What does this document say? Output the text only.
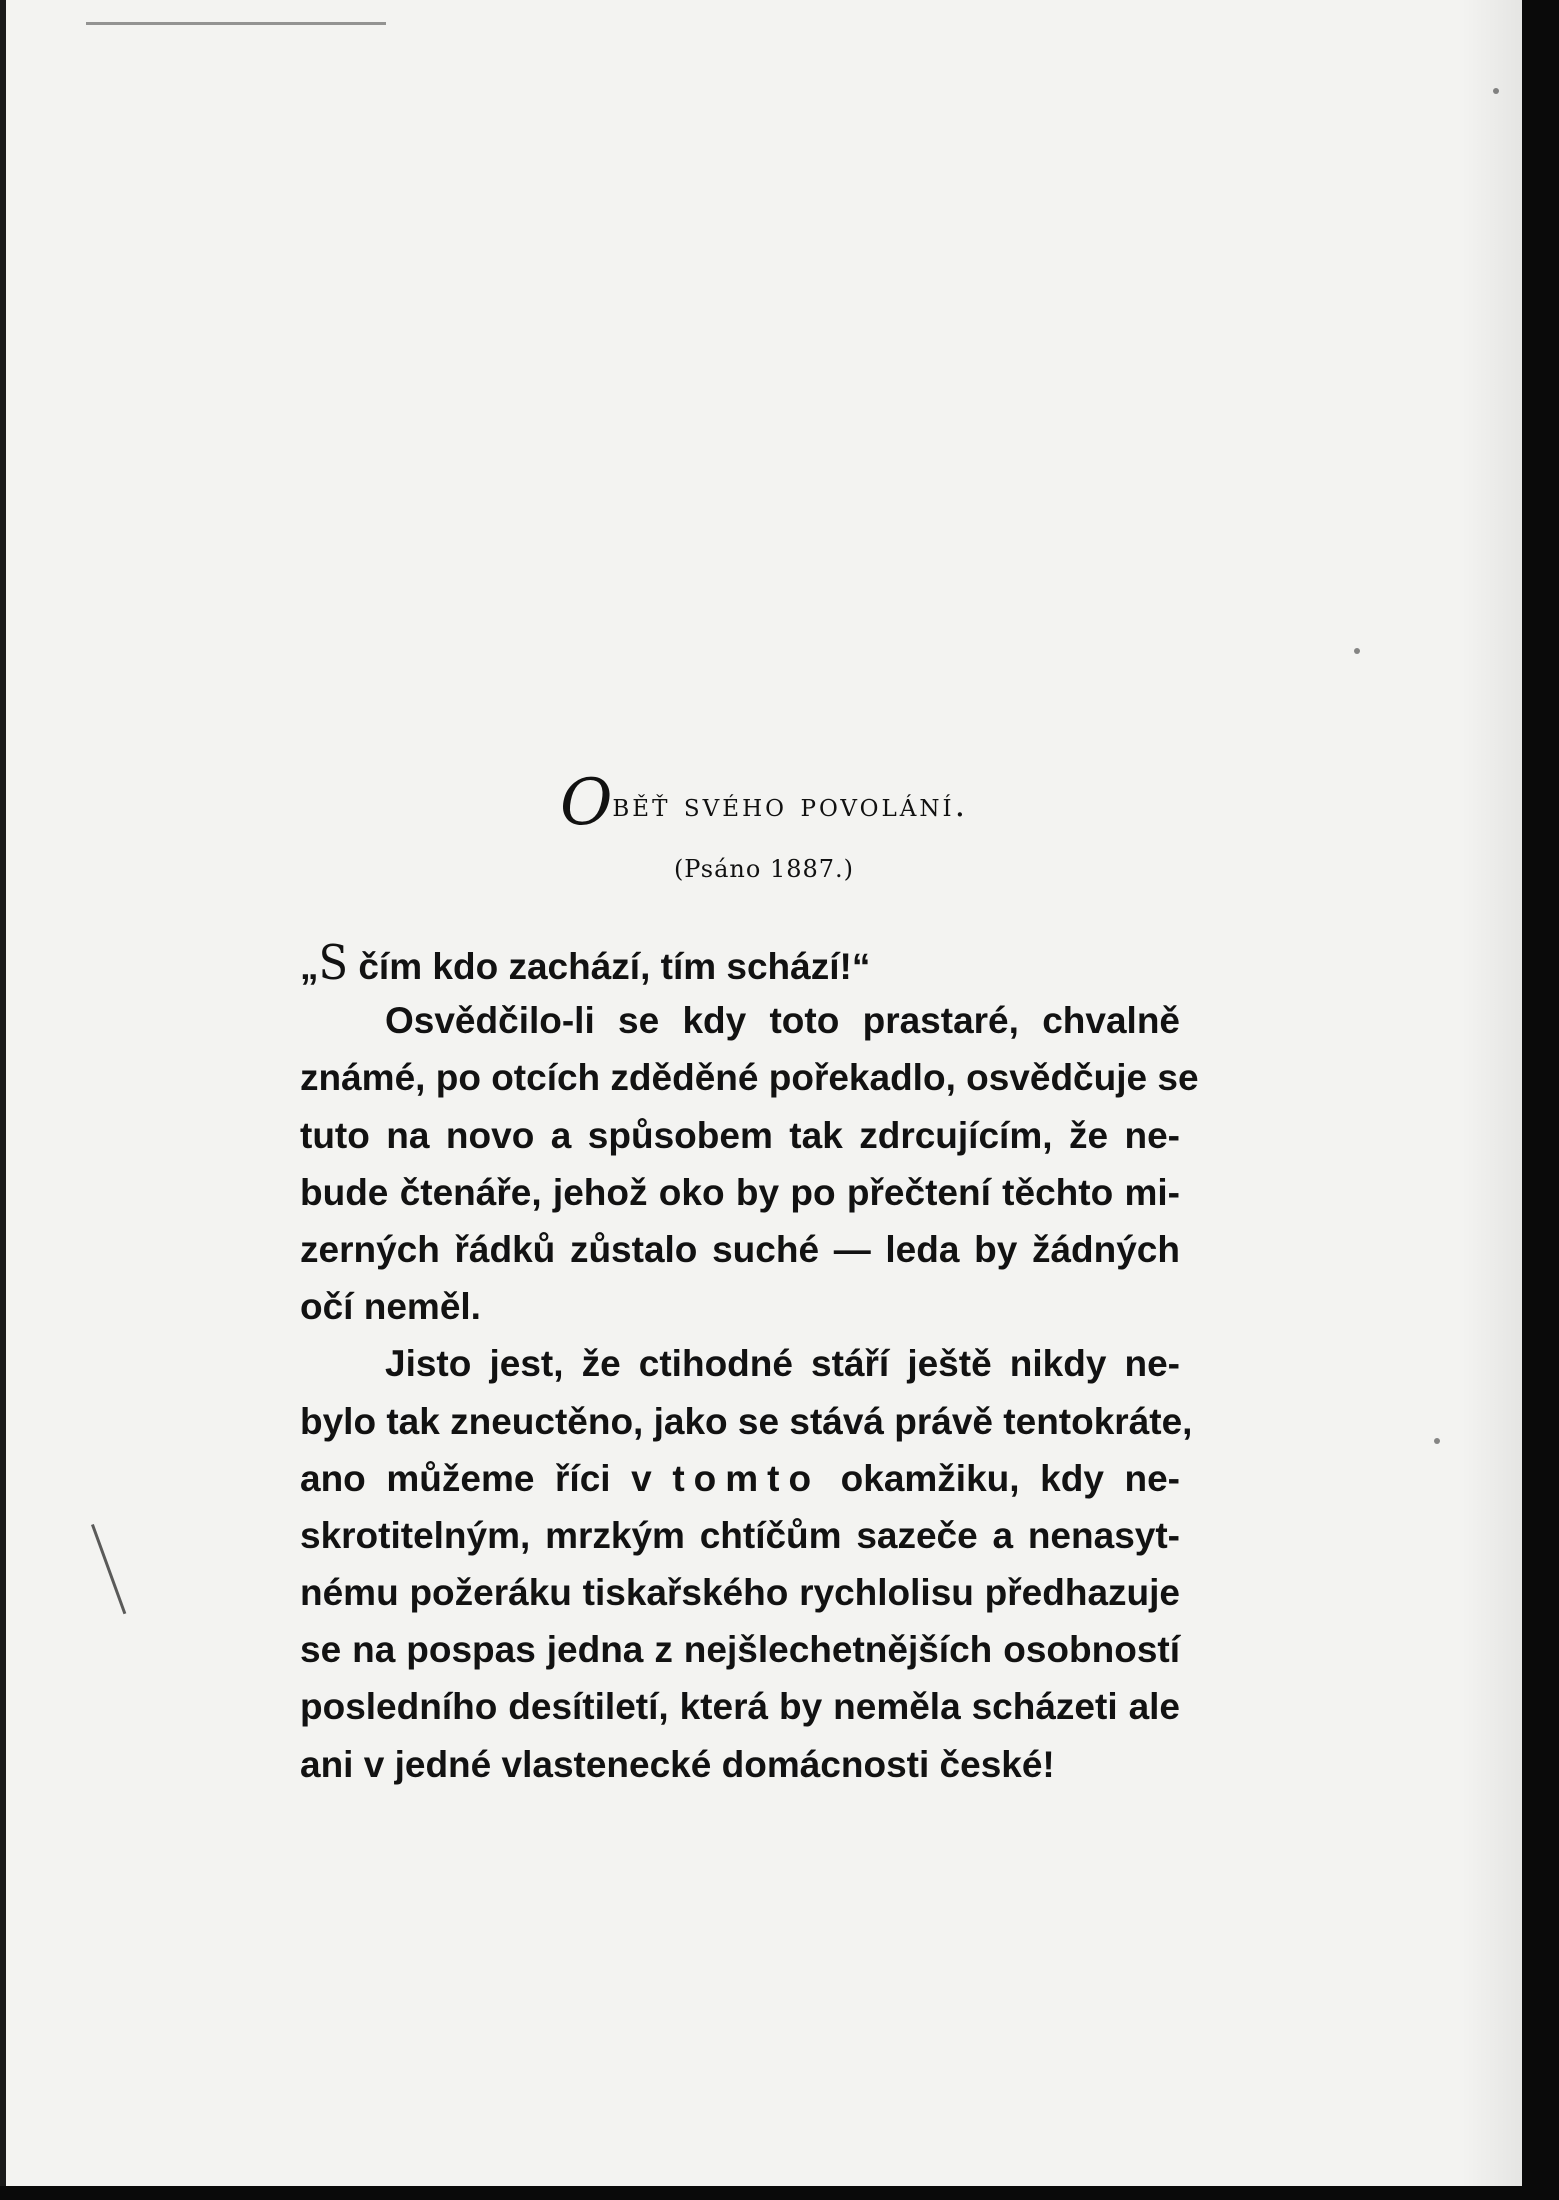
Oběť svého povolání.
(Psáno 1887.)
„S čím kdo zachází, tím schází!“
Osvědčilo-li se kdy toto prastaré, chvalně
známé, po otcích zděděné pořekadlo, osvědčuje se
tuto na novo a spůsobem tak zdrcujícím, že ne-
bude čtenáře, jehož oko by po přečtení těchto mi-
zerných řádků zůstalo suché — leda by žádných
očí neměl.
Jisto jest, že ctihodné stáří ještě nikdy ne-
bylo tak zneuctěno, jako se stává právě tentokráte,
ano můžeme říci v tomto okamžiku, kdy ne-
skrotitelným, mrzkým chtíčům sazeče a nenasyt-
nému požeráku tiskařského rychlolisu předhazuje
se na pospas jedna z nejšlechetnějších osobností
posledního desítiletí, která by neměla scházeti ale
ani v jedné vlastenecké domácnosti české!
